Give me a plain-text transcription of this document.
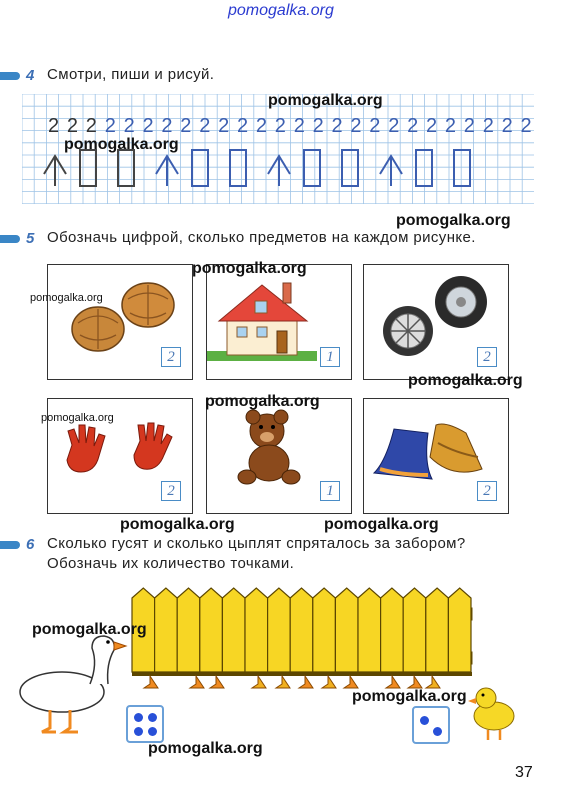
pomogalka.org
4 Смотри, пиши и рисуй.
2 2 2 2 2 2 2 2 2 2 2 2 2 2 2 2 2 2 2 2 2 2 2 2 2 2
5 Обозначь цифрой, сколько предметов на каждом рисунке.
2	1	2
2	1	2
6 Сколько гусят и сколько цыплят спряталось за забором?
Обозначь их количество точками.
37
pomogalka.org
pomogalka.org
pomogalka.org
pomogalka.org
pomogalka.org
pomogalka.org
pomogalka.org
pomogalka.org
pomogalka.org	pomogalka.org
pomogalka.org
pomogalka.org
pomogalka.org
